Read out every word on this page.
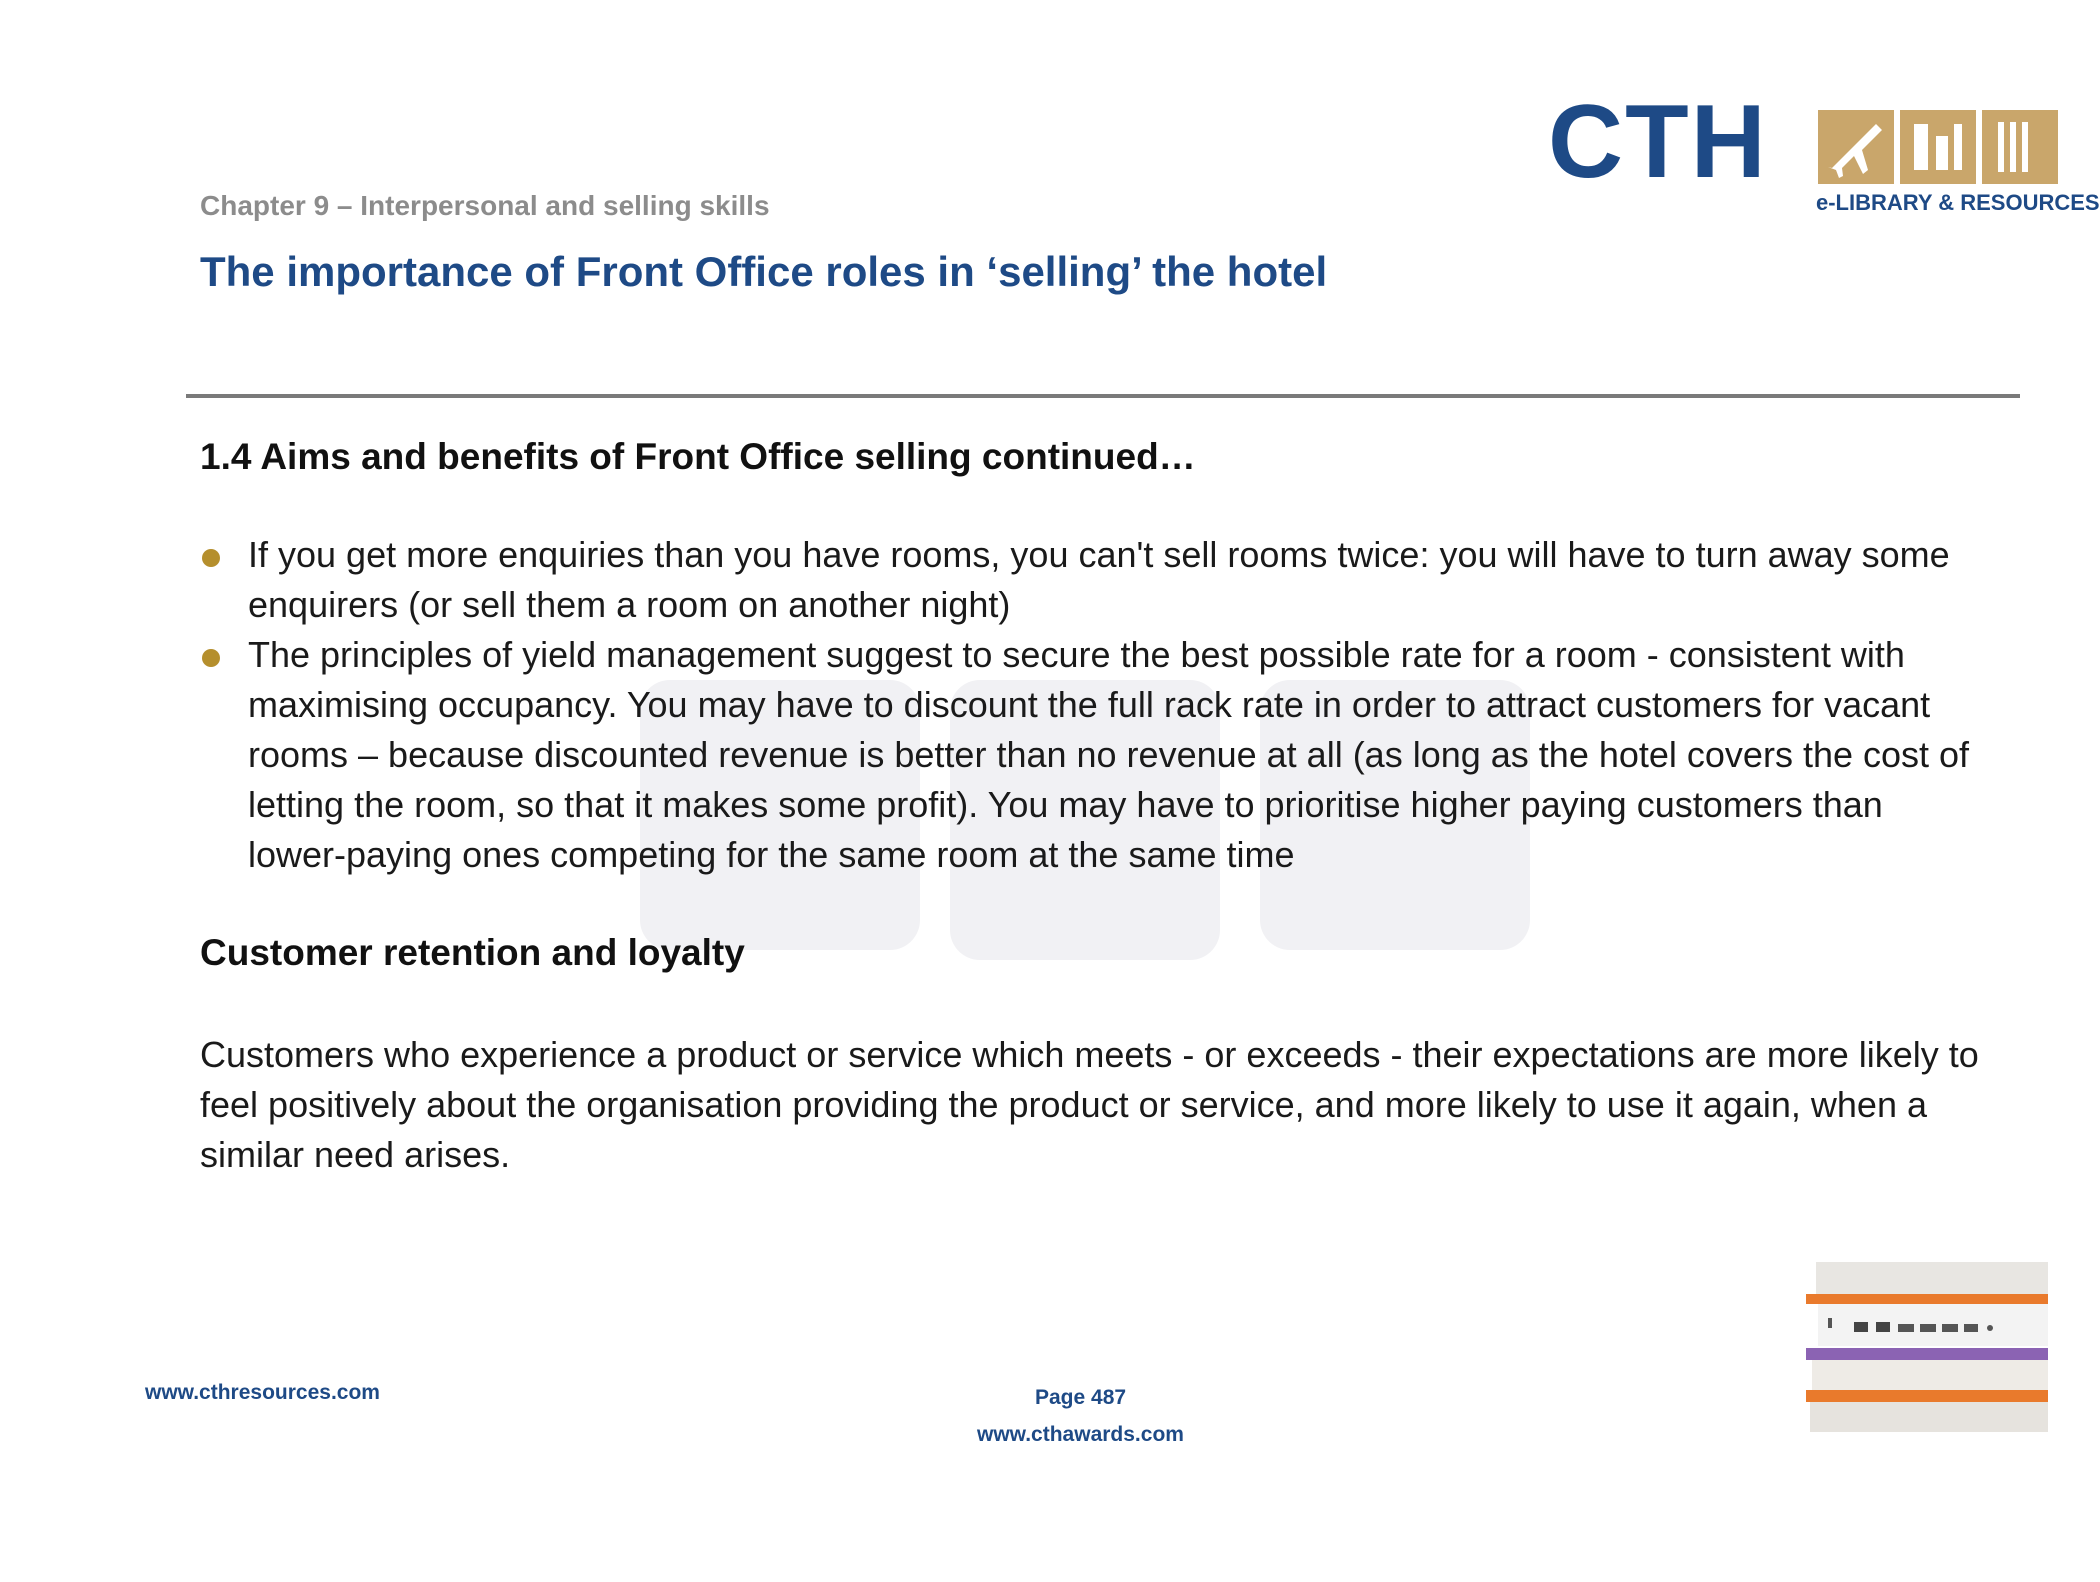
Chapter 9 – Interpersonal and selling skills
The importance of Front Office roles in ‘selling’ the hotel
CTH
e-LIBRARY & RESOURCES
1.4 Aims and benefits of Front Office selling continued…
If you get more enquiries than you have rooms, you can't sell rooms twice: you will have to turn away some enquirers (or sell them a room on another night)
The principles of yield management suggest to secure the best possible rate for a room - consistent with maximising occupancy. You may have to discount the full rack rate in order to attract customers for vacant rooms – because discounted revenue is better than no revenue at all (as long as the hotel covers the cost of letting the room, so that it makes some profit). You may have to prioritise higher paying customers than lower-paying ones competing for the same room at the same time
Customer retention and loyalty

Customers who experience a product or service which meets - or exceeds - their expectations are more likely to feel positively about the organisation providing the product or service, and more likely to use it again, when a similar need arises.

www.cthresources.com	Page 487
www.cthawards.com
